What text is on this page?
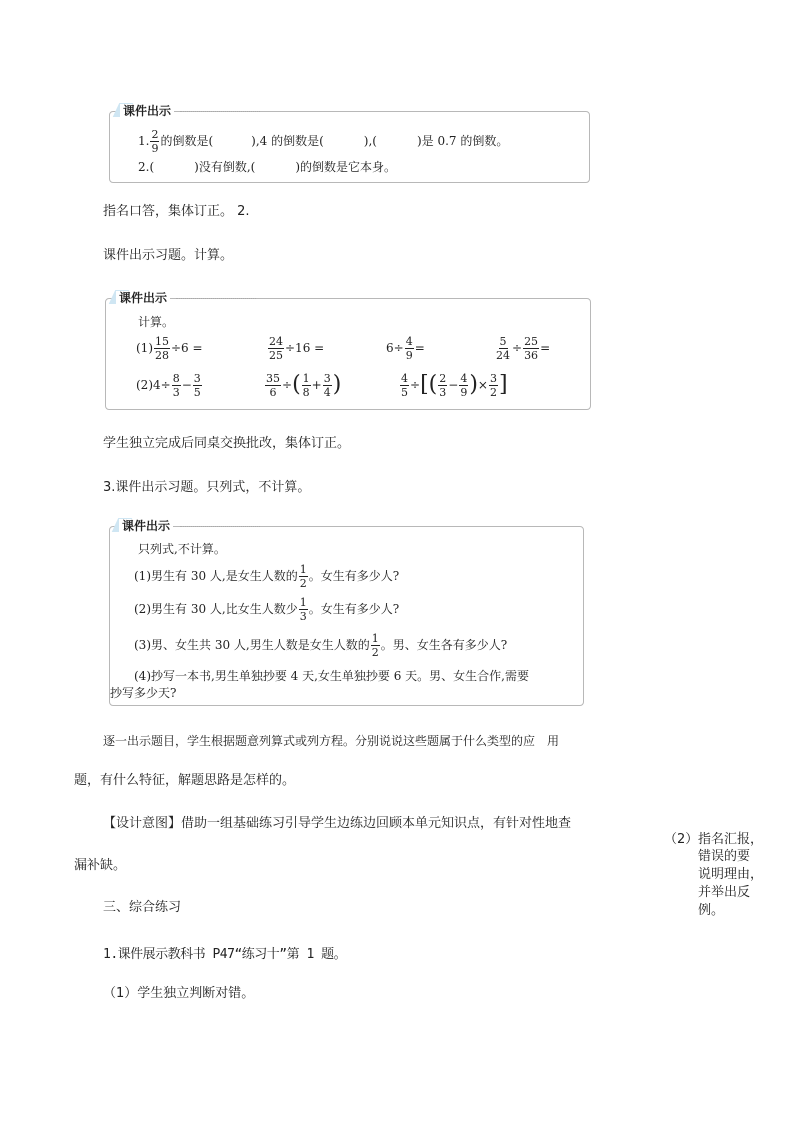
课件出示
1. $\frac{2}{9}$ 的倒数是(	),4 的倒数是(	),(	)是 0.7 的倒数。
2.(	)没有倒数,(	)的倒数是它本身。
指名口答，集体订正。 2.
课件出示习题。计算。
课件出示
计算。
$(1) \frac{15}{28} \div 6$ =	$\frac{24}{25} \div 16$ =	$6\div \frac{4}{9}$ =	$\frac{5}{24} \div \frac{25}{36}$ =
$(2)4\div \frac{8}{3} - \frac{3}{5}$	$\frac{35}{6}$ ÷ ( $\frac{1}{8} + \frac{3}{4}$ )	$\frac{4}{5}$ ÷ [ ( $\frac{2}{3} - \frac{4}{9}$ ) × $\frac{3}{2}$ ]
学生独立完成后同桌交换批改，集体订正。
3.课件出示习题。只列式，不计算。
课件出示
只列式,不计算。
(1)男生有 30 人,是女生人数的 $\frac{1}{2}$ 。女生有多少人?
(2)男生有 30 人,比女生人数少 $\frac{1}{3}$ 。女生有多少人?
(3)男、女生共 30 人,男生人数是女生人数的 $\frac{1}{2}$ 。男、女生各有多少人?
(4)抄写一本书,男生单独抄要 4 天,女生单独抄要 6 天。男、女生合作,需要
抄写多少天?
逐一出示题目，学生根据题意列算式或列方程。分别说说这些题属于什么类型的应　用
题，有什么特征，解题思路是怎样的。
【设计意图】借助一组基础练习引导学生边练边回顾本单元知识点，有针对性地查
漏补缺。
（2） 指名汇报，
错误的要
说明理由，
并举出反
例。
三、综合练习
1.课件展示教科书 P47“练习十”第 1 题。
（1）学生独立判断对错。
